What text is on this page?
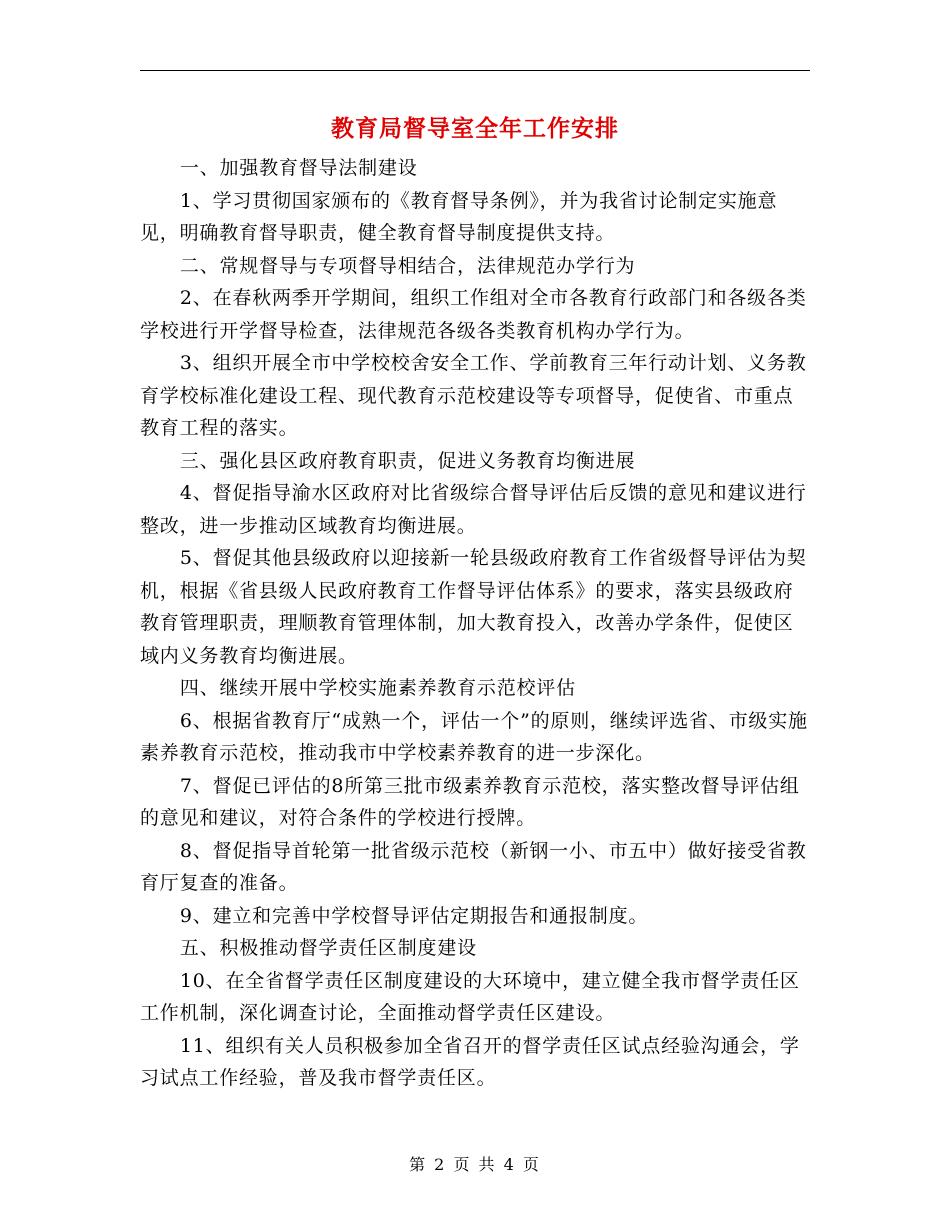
教育局督导室全年工作安排

一、加强教育督导法制建设

1、学习贯彻国家颁布的《教育督导条例》，并为我省讨论制定实施意见，明确教育督导职责，健全教育督导制度提供支持。

二、常规督导与专项督导相结合，法律规范办学行为

2、在春秋两季开学期间，组织工作组对全市各教育行政部门和各级各类学校进行开学督导检查，法律规范各级各类教育机构办学行为。

3、组织开展全市中学校校舍安全工作、学前教育三年行动计划、义务教育学校标准化建设工程、现代教育示范校建设等专项督导，促使省、市重点教育工程的落实。

三、强化县区政府教育职责，促进义务教育均衡进展

4、督促指导渝水区政府对比省级综合督导评估后反馈的意见和建议进行整改，进一步推动区域教育均衡进展。

5、督促其他县级政府以迎接新一轮县级政府教育工作省级督导评估为契机，根据《省县级人民政府教育工作督导评估体系》的要求，落实县级政府教育管理职责，理顺教育管理体制，加大教育投入，改善办学条件，促使区域内义务教育均衡进展。

四、继续开展中学校实施素养教育示范校评估

6、根据省教育厅“成熟一个，评估一个”的原则，继续评选省、市级实施素养教育示范校，推动我市中学校素养教育的进一步深化。

7、督促已评估的8所第三批市级素养教育示范校，落实整改督导评估组的意见和建议，对符合条件的学校进行授牌。

8、督促指导首轮第一批省级示范校（新钢一小、市五中）做好接受省教育厅复查的准备。

9、建立和完善中学校督导评估定期报告和通报制度。

五、积极推动督学责任区制度建设

10、在全省督学责任区制度建设的大环境中，建立健全我市督学责任区工作机制，深化调查讨论，全面推动督学责任区建设。

11、组织有关人员积极参加全省召开的督学责任区试点经验沟通会，学习试点工作经验，普及我市督学责任区。

第 2 页 共 4 页
